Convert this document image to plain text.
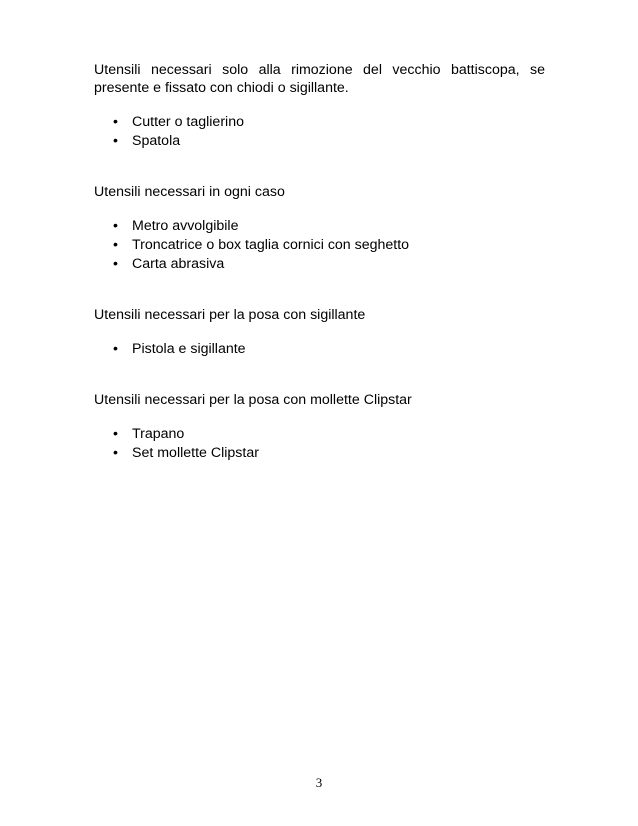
Utensili necessari solo alla rimozione del vecchio battiscopa, se presente e fissato con chiodi o sigillante.

• Cutter o taglierino
• Spatola

Utensili necessari in ogni caso

• Metro avvolgibile
• Troncatrice o box taglia cornici con seghetto
• Carta abrasiva

Utensili necessari per la posa con sigillante

• Pistola e sigillante

Utensili necessari per la posa con mollette Clipstar

• Trapano
• Set mollette Clipstar
3
